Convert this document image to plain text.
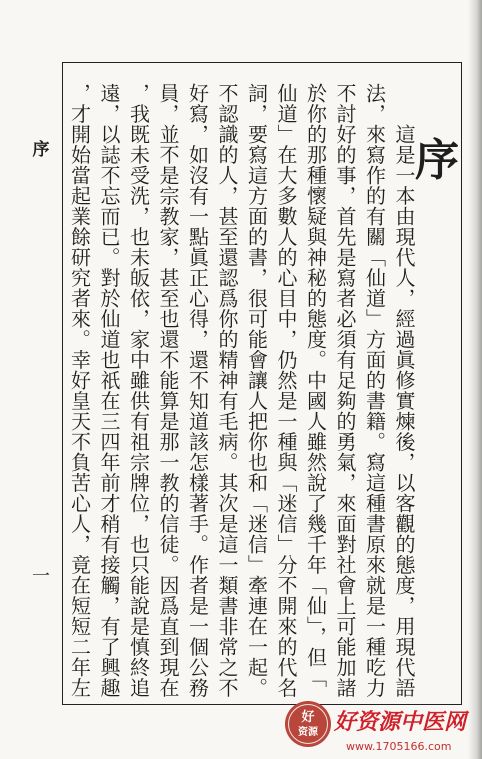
序
一
序
這是一本由現代人，經過眞修實煉後，以客觀的態度，用現代語
法，來寫作的有關「仙道」方面的書籍。寫這種書原來就是一種吃力
不討好的事，首先是寫者必須有足夠的勇氣，來面對社會上可能加諸
於你的那種懷疑與神秘的態度。中國人雖然說了幾千年「仙」，但「
仙道」在大多數人的心目中，仍然是一種與「迷信」分不開來的代名
詞，要寫這方面的書，很可能會讓人把你也和「迷信」牽連在一起。
不認識的人，甚至還認爲你的精神有毛病。其次是這一類書非常之不
好寫，如沒有一點眞正心得，還不知道該怎樣著手。作者是一個公務
員，並不是宗教家，甚至也還不能算是那一教的信徒。因爲直到現在
，我既未受洗，也未皈依，家中雖供有祖宗牌位，也只能說是慎終追
遠，以誌不忘而已。對於仙道也祇在三四年前才稍有接觸，有了興趣
，才開始當起業餘研究者來。幸好皇天不負苦心人，竟在短短二年左
好
资源 好资源中医网
www.1705166.com
